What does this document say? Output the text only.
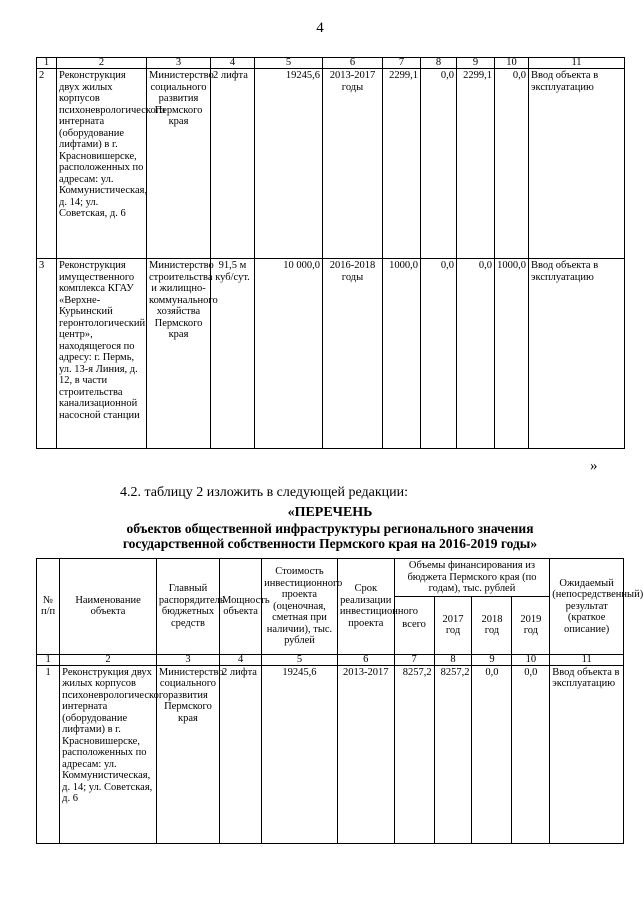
4
1	2	3	4	5	6	7	8	9	10	11
2	Реконструкция двух жилых корпусов психоневрологического интерната (оборудование лифтами) в г. Красновишерске, расположенных по адресам: ул. Коммунистическая, д. 14; ул. Советская, д. 6	Министерство социального развития Пермского края	2 лифта	19245,6	2013-2017 годы	2299,1	0,0	2299,1	0,0	Ввод объекта в эксплуатацию
3	Реконструкция имущественного комплекса КГАУ «Верхне-Курьинский геронтологический центр», находящегося по адресу: г. Пермь, ул. 13-я Линия, д. 12, в части строительства канализационной насосной станции	Министерство строительства и жилищно-коммунального хозяйства Пермского края	91,5 м куб/сут.	10 000,0	2016-2018 годы	1000,0	0,0	0,0	1000,0	Ввод объекта в эксплуатацию
»
4.2. таблицу 2 изложить в следующей редакции:
«ПЕРЕЧЕНЬ
объектов общественной инфраструктуры регионального значения
государственной собственности Пермского края на 2016-2019 годы»
№ п/п	Наименование объекта	Главный распорядитель бюджетных средств	Мощность объекта	Стоимость инвестиционного проекта (оценочная, сметная при наличии), тыс. рублей	Срок реализации инвестиционного проекта	Объемы финансирования из бюджета Пермского края (по годам), тыс. рублей				Ожидаемый (непосредственный) результат (краткое описание)
						всего	2017 год	2018 год	2019 год	
1	2	3	4	5	6	7	8	9	10	11
1	Реконструкция двух жилых корпусов психоневрологического интерната (оборудование лифтами) в г. Красновишерске, расположенных по адресам: ул. Коммунистическая, д. 14; ул. Советская, д. 6	Министерство социального развития Пермского края	2 лифта	19245,6	2013-2017	8257,2	8257,2	0,0	0,0	Ввод объекта в эксплуатацию
